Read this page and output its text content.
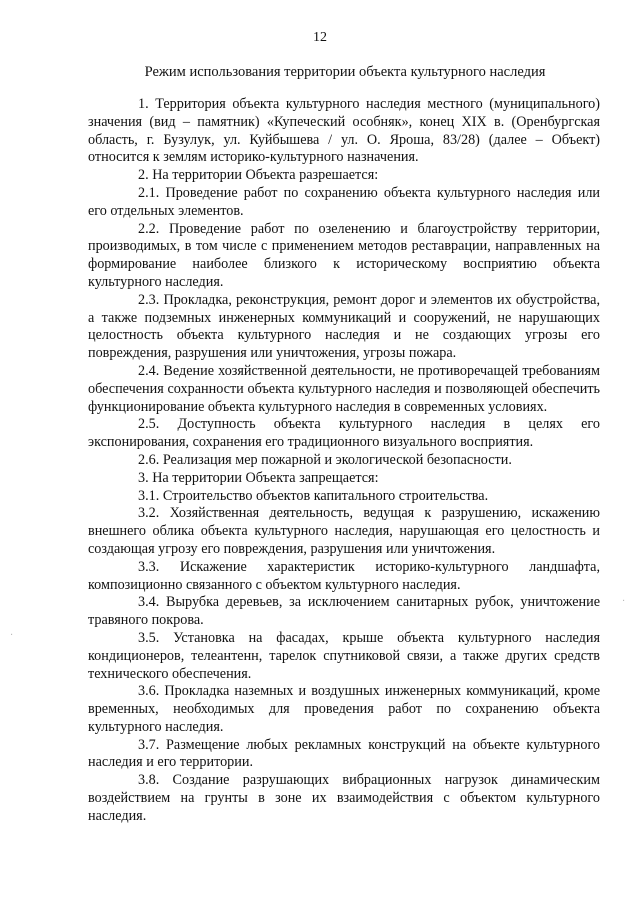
12
Режим использования территории объекта культурного наследия

1. Территория объекта культурного наследия местного (муниципального) значения (вид – памятник) «Купеческий особняк», конец XIX в. (Оренбургская область, г. Бузулук, ул. Куйбышева / ул. О. Яроша, 83/28) (далее – Объект) относится к землям историко-культурного назначения.

2. На территории Объекта разрешается:

2.1. Проведение работ по сохранению объекта культурного наследия или его отдельных элементов.

2.2. Проведение работ по озеленению и благоустройству территории, производимых, в том числе с применением методов реставрации, направленных на формирование наиболее близкого к историческому восприятию объекта культурного наследия.

2.3. Прокладка, реконструкция, ремонт дорог и элементов их обустройства, а также подземных инженерных коммуникаций и сооружений, не нарушающих целостность объекта культурного наследия и не создающих угрозы его повреждения, разрушения или уничтожения, угрозы пожара.

2.4. Ведение хозяйственной деятельности, не противоречащей требованиям обеспечения сохранности объекта культурного наследия и позволяющей обеспечить функционирование объекта культурного наследия в современных условиях.

2.5. Доступность объекта культурного наследия в целях его экспонирования, сохранения его традиционного визуального восприятия.

2.6. Реализация мер пожарной и экологической безопасности.

3. На территории Объекта запрещается:

3.1. Строительство объектов капитального строительства.

3.2. Хозяйственная деятельность, ведущая к разрушению, искажению внешнего облика объекта культурного наследия, нарушающая его целостность и создающая угрозу его повреждения, разрушения или уничтожения.

3.3. Искажение характеристик историко-культурного ландшафта, композиционно связанного с объектом культурного наследия.

3.4. Вырубка деревьев, за исключением санитарных рубок, уничтожение травяного покрова.

3.5. Установка на фасадах, крыше объекта культурного наследия кондиционеров, телеантенн, тарелок спутниковой связи, а также других средств технического обеспечения.

3.6. Прокладка наземных и воздушных инженерных коммуникаций, кроме временных, необходимых для проведения работ по сохранению объекта культурного наследия.

3.7. Размещение любых рекламных конструкций на объекте культурного наследия и его территории.

3.8. Создание разрушающих вибрационных нагрузок динамическим воздействием на грунты в зоне их взаимодействия с объектом культурного наследия.

·
·
